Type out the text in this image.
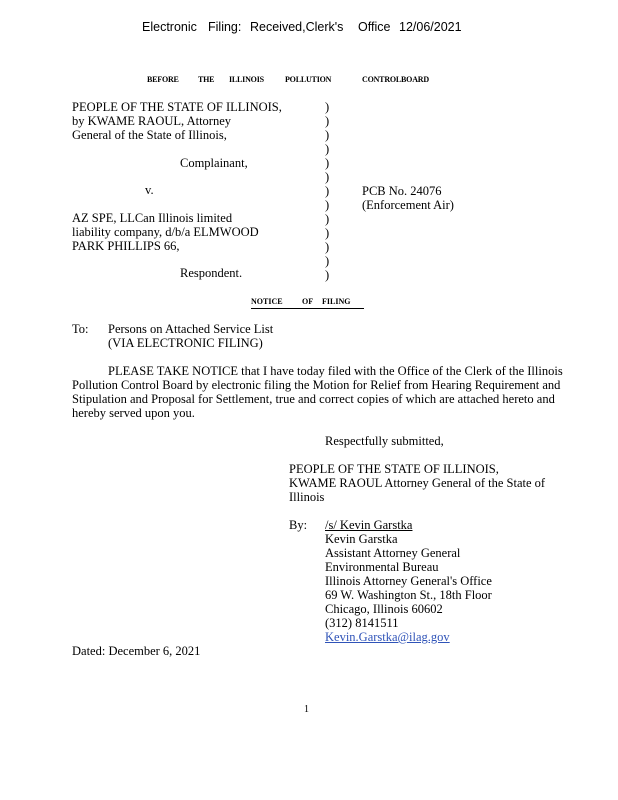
Electronic Filing: Received,Clerk's Office 12/06/2021
BEFORE THE ILLINOIS	POLLUTION	CONTROLBOARD
PEOPLE OF THE STATE OF ILLINOIS,
by KWAME RAOUL, Attorney
General of the State of Illinois,
Complainant,
v.
AZ SPE, LLCan Illinois limited
liability company, d/b/a ELMWOOD
PARK PHILLIPS 66,
Respondent.
)
)
)
)
)
)
)
)
)
)
)
)
)
PCB No. 24076
(Enforcement Air)
NOTICE OF FILING
To: Persons on Attached Service List
(VIA ELECTRONIC FILING)
PLEASE TAKE NOTICE that I have today filed with the Office of the Clerk of the Illinois
Pollution Control Board by electronic filing the Motion for Relief from Hearing Requirement and
Stipulation and Proposal for Settlement, true and correct copies of which are attached hereto and
hereby served upon you.
Respectfully submitted,
PEOPLE OF THE STATE OF ILLINOIS,
KWAME RAOUL Attorney General of the State of
Illinois
By: /s/ Kevin Garstka
Kevin Garstka
Assistant Attorney General
Environmental Bureau
Illinois Attorney General's Office
69 W. Washington St., 18th Floor
Chicago, Illinois 60602
(312) 8141511
Kevin.Garstka@ilag.gov
Dated: December 6, 2021
1
